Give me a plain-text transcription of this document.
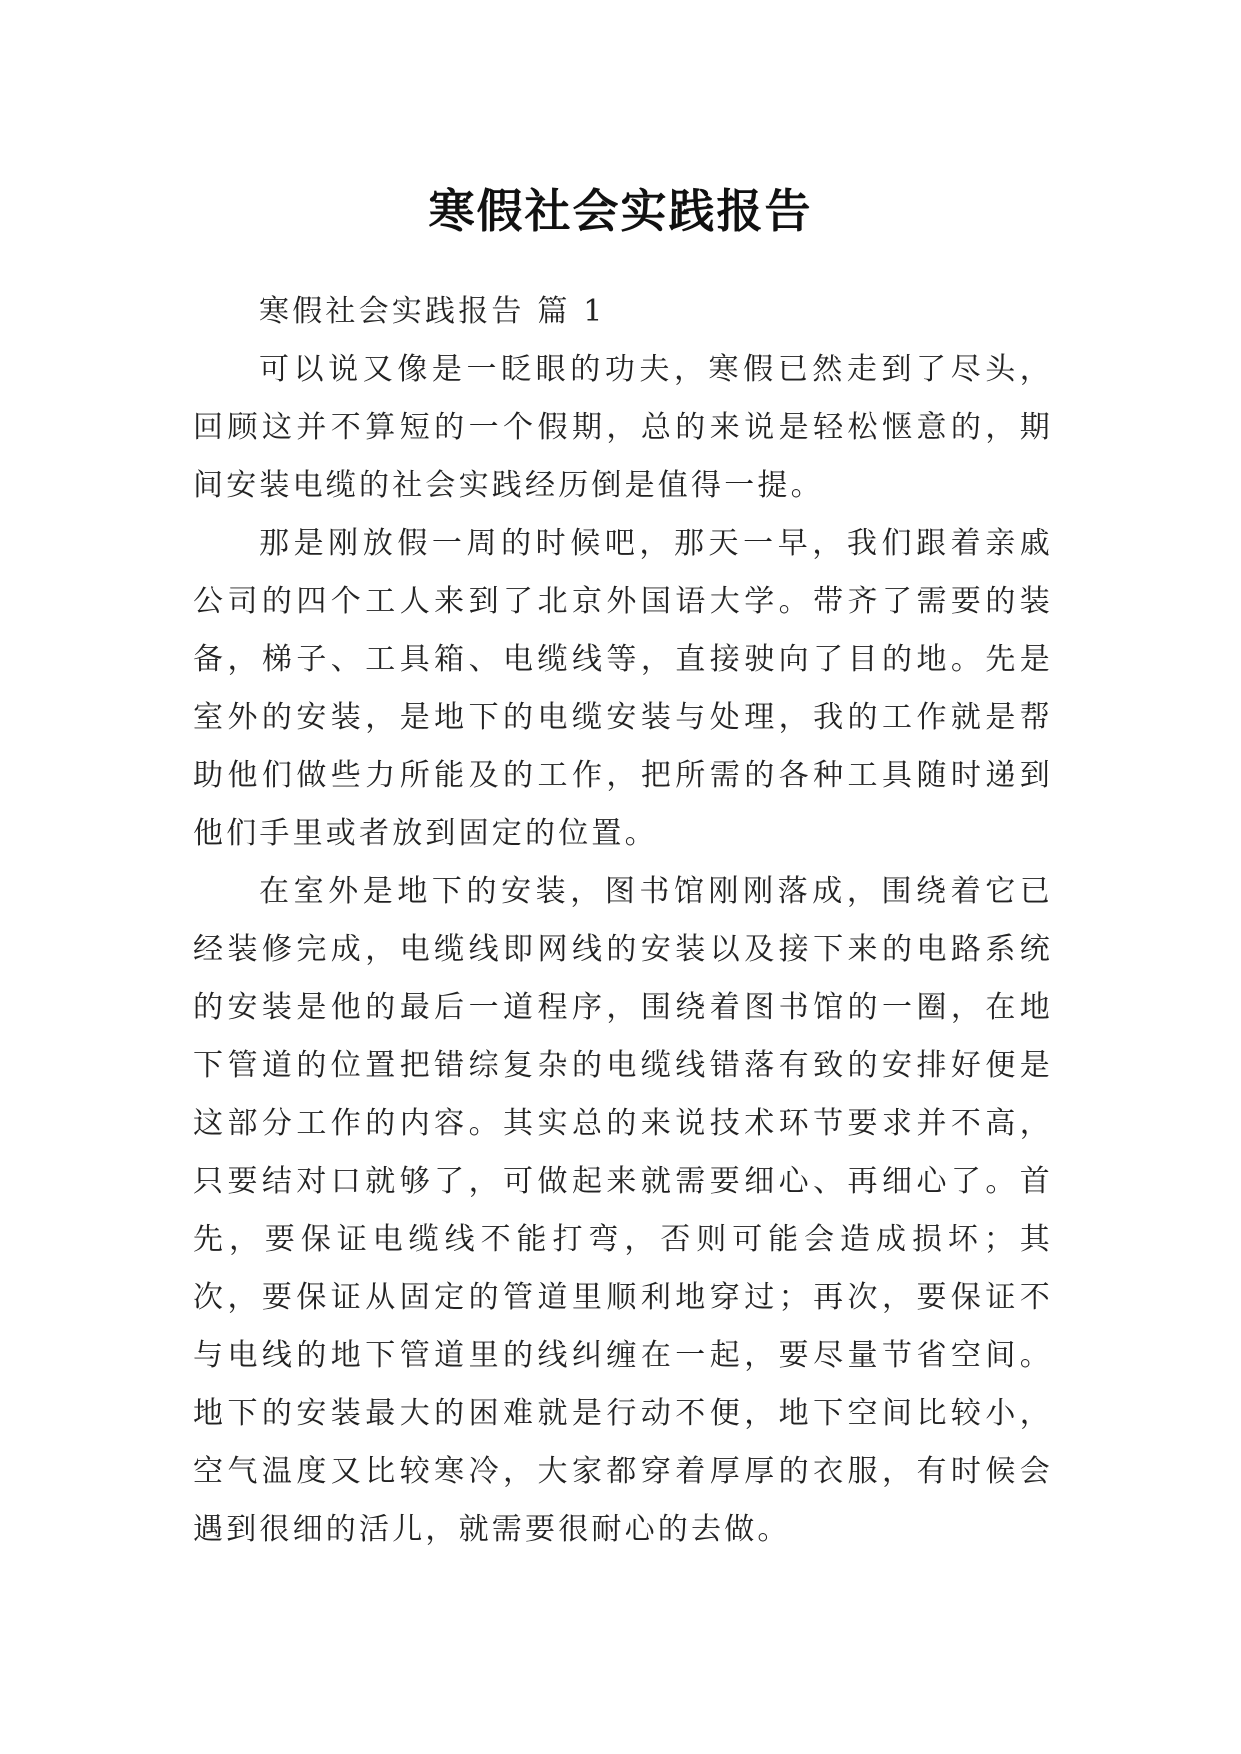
寒假社会实践报告

寒假社会实践报告 篇 1

可以说又像是一眨眼的功夫，寒假已然走到了尽头，回顾这并不算短的一个假期，总的来说是轻松惬意的，期间安装电缆的社会实践经历倒是值得一提。

那是刚放假一周的时候吧，那天一早，我们跟着亲戚公司的四个工人来到了北京外国语大学。带齐了需要的装备，梯子、工具箱、电缆线等，直接驶向了目的地。先是室外的安装，是地下的电缆安装与处理，我的工作就是帮助他们做些力所能及的工作，把所需的各种工具随时递到他们手里或者放到固定的位置。

在室外是地下的安装，图书馆刚刚落成，围绕着它已经装修完成，电缆线即网线的安装以及接下来的电路系统的安装是他的最后一道程序，围绕着图书馆的一圈，在地下管道的位置把错综复杂的电缆线错落有致的安排好便是这部分工作的内容。其实总的来说技术环节要求并不高，只要结对口就够了，可做起来就需要细心、再细心了。首先，要保证电缆线不能打弯，否则可能会造成损坏；其次，要保证从固定的管道里顺利地穿过；再次，要保证不与电线的地下管道里的线纠缠在一起，要尽量节省空间。地下的安装最大的困难就是行动不便，地下空间比较小，空气温度又比较寒冷，大家都穿着厚厚的衣服，有时候会遇到很细的活儿，就需要很耐心的去做。
